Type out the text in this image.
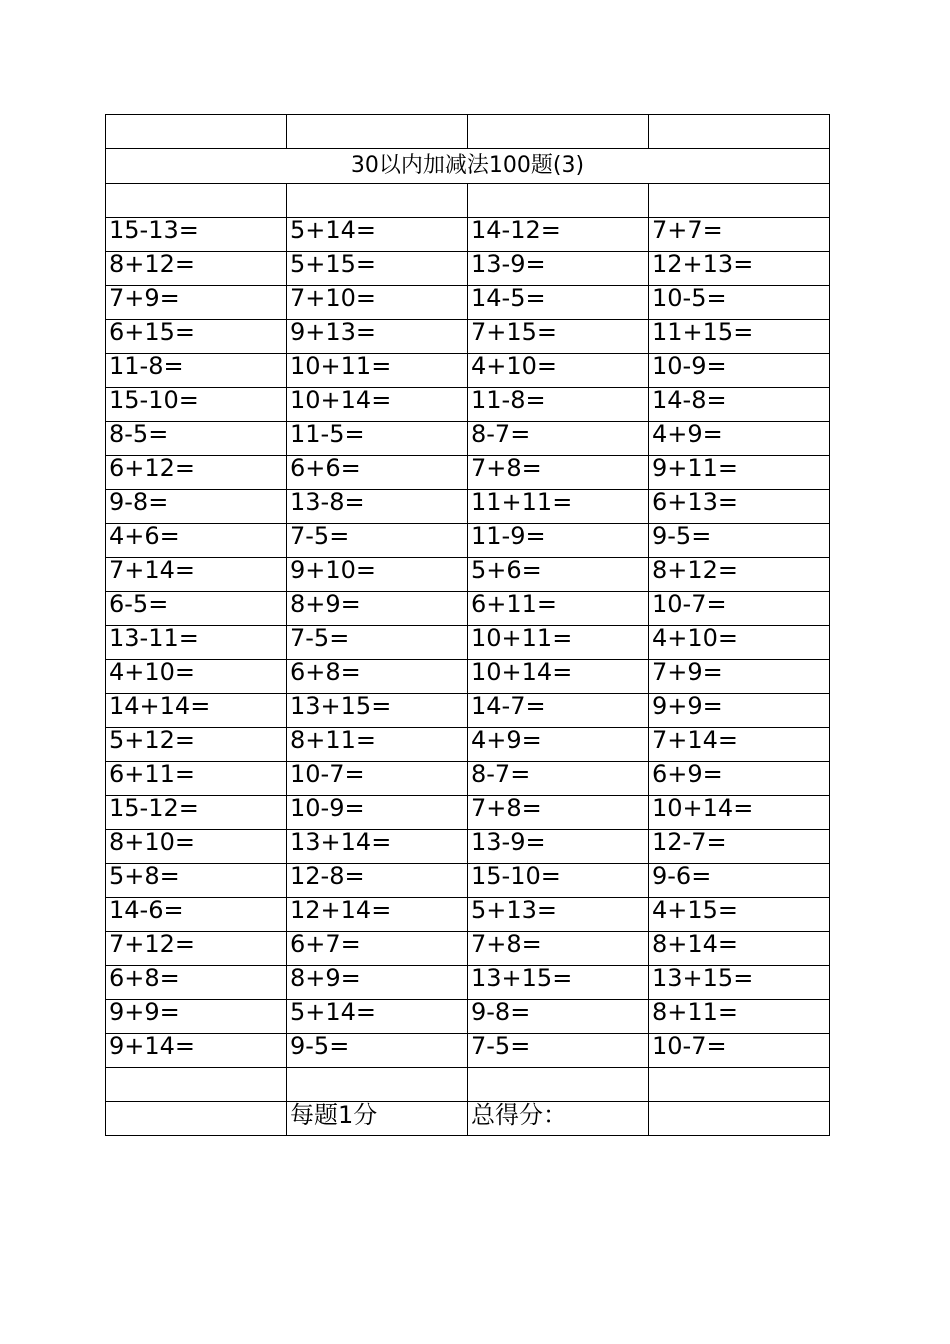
30以内加减法100题(3)			

15-13=	5+14=	14-12=	7+7=
8+12=	5+15=	13-9=	12+13=
7+9=	7+10=	14-5=	10-5=
6+15=	9+13=	7+15=	11+15=
11-8=	10+11=	4+10=	10-9=
15-10=	10+14=	11-8=	14-8=
8-5=	11-5=	8-7=	4+9=
6+12=	6+6=	7+8=	9+11=
9-8=	13-8=	11+11=	6+13=
4+6=	7-5=	11-9=	9-5=
7+14=	9+10=	5+6=	8+12=
6-5=	8+9=	6+11=	10-7=
13-11=	7-5=	10+11=	4+10=
4+10=	6+8=	10+14=	7+9=
14+14=	13+15=	14-7=	9+9=
5+12=	8+11=	4+9=	7+14=
6+11=	10-7=	8-7=	6+9=
15-12=	10-9=	7+8=	10+14=
8+10=	13+14=	13-9=	12-7=
5+8=	12-8=	15-10=	9-6=
14-6=	12+14=	5+13=	4+15=
7+12=	6+7=	7+8=	8+14=
6+8=	8+9=	13+15=	13+15=
9+9=	5+14=	9-8=	8+11=
9+14=	9-5=	7-5=	10-7=

	每题1分	总得分：	
